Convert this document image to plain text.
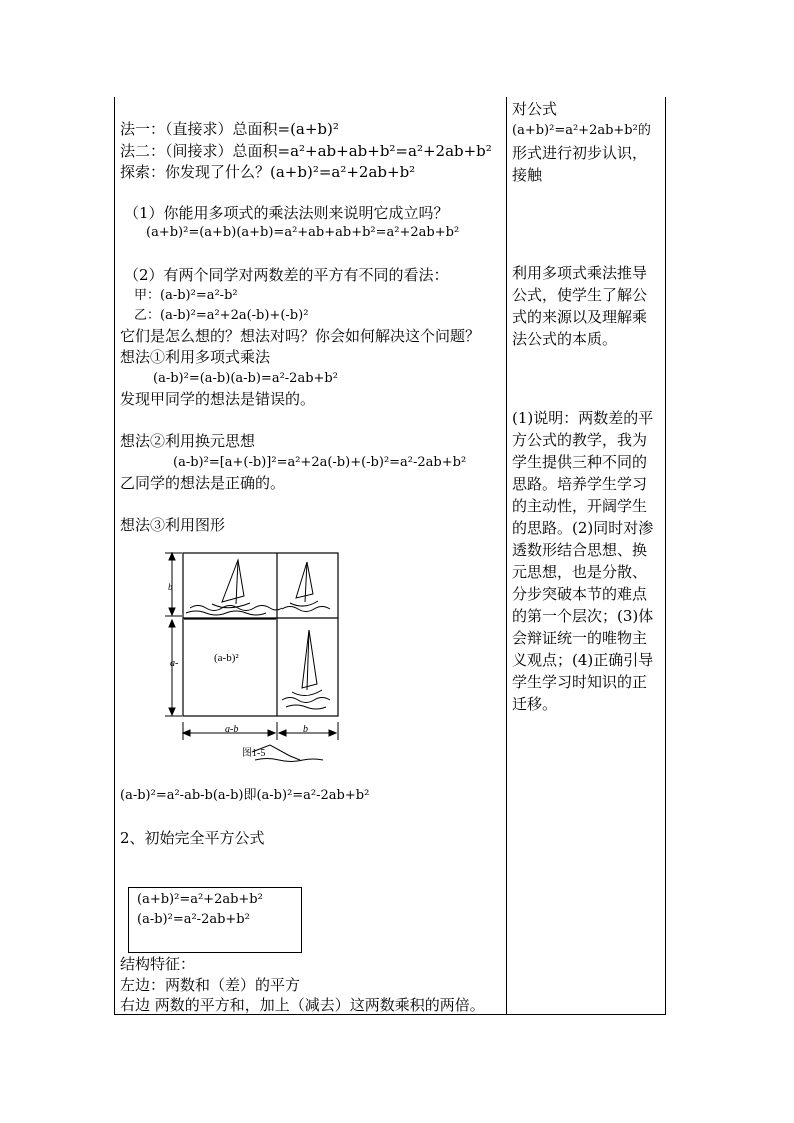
法一：（直接求）总面积=(a+b)²
法二：（间接求）总面积=a²+ab+ab+b²=a²+2ab+b²
探索：你发现了什么？(a+b)²=a²+2ab+b²
（1）你能用多项式的乘法法则来说明它成立吗？
(a+b)²=(a+b)(a+b)=a²+ab+ab+b²=a²+2ab+b²
（2）有两个同学对两数差的平方有不同的看法：
甲：(a-b)²=a²-b²
乙：(a-b)²=a²+2a(-b)+(-b)²
它们是怎么想的？想法对吗？你会如何解决这个问题？
想法①利用多项式乘法
(a-b)²=(a-b)(a-b)=a²-2ab+b²
发现甲同学的想法是错误的。
想法②利用换元思想
(a-b)²=[a+(-b)]²=a²+2a(-b)+(-b)²=a²-2ab+b²
乙同学的想法是正确的。
想法③利用图形
(a-b)²
a-
b
a-b	b
图1-5
(a-b)²=a²-ab-b(a-b)即(a-b)²=a²-2ab+b²
2、初始完全平方公式
(a+b)²=a²+2ab+b²
(a-b)²=a²-2ab+b²
结构特征：
左边：两数和（差）的平方
右边 两数的平方和，加上（减去）这两数乘积的两倍。
对公式
(a+b)²=a²+2ab+b²的
形式进行初步认识，
接触
利用多项式乘法推导
公式，使学生了解公
式的来源以及理解乘
法公式的本质。
(1)说明：两数差的平
方公式的教学，我为
学生提供三种不同的
思路。培养学生学习
的主动性，开阔学生
的思路。(2)同时对渗
透数形结合思想、换
元思想，也是分散、
分步突破本节的难点
的第一个层次；(3)体
会辩证统一的唯物主
义观点；(4)正确引导
学生学习时知识的正
迁移。
